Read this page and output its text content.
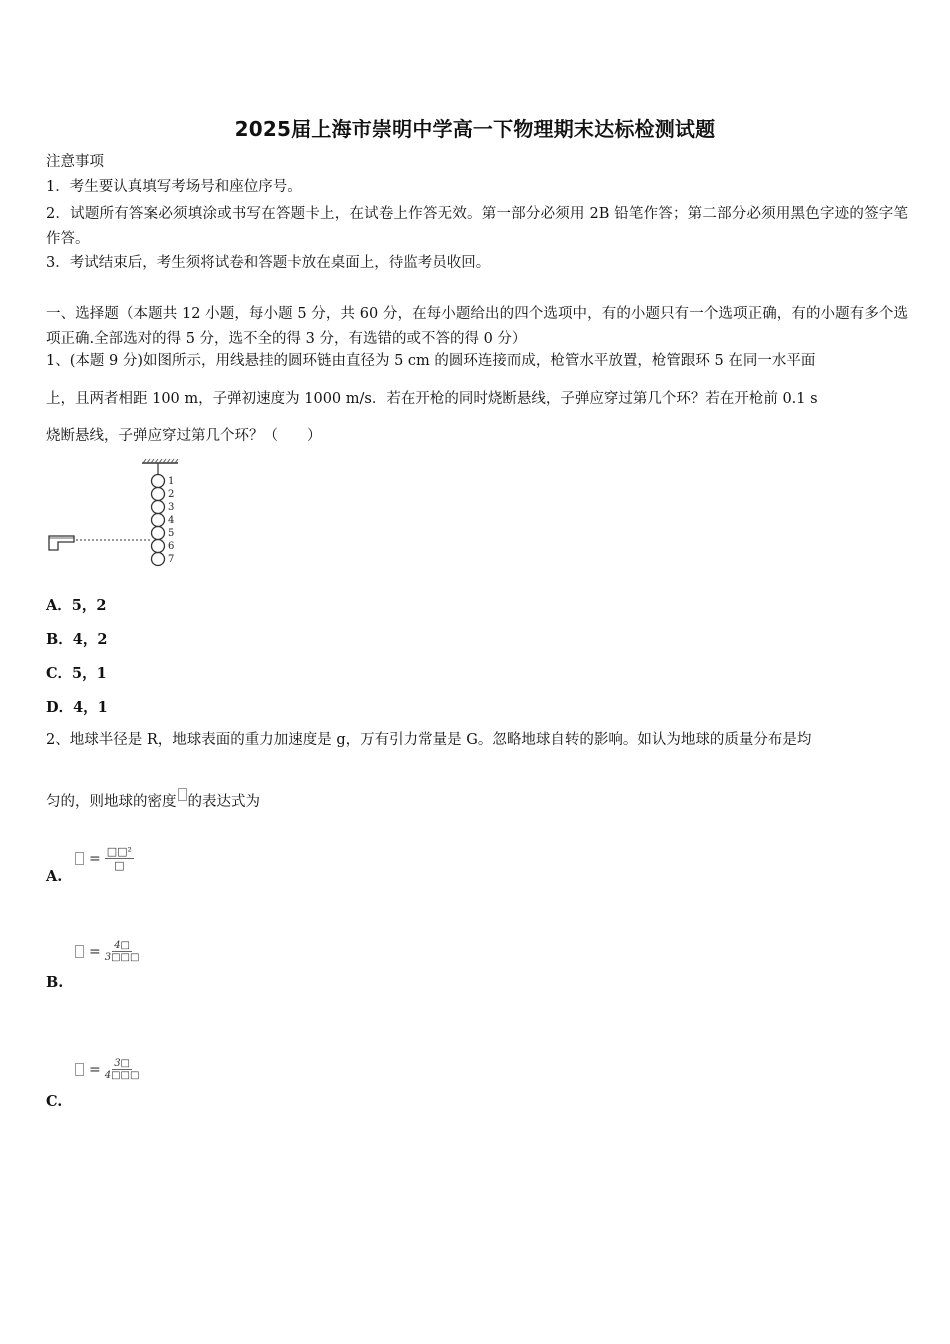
2025届上海市崇明中学高一下物理期末达标检测试题
注意事项
1．考生要认真填写考场号和座位序号。
2．试题所有答案必须填涂或书写在答题卡上，在试卷上作答无效。第一部分必须用 2B 铅笔作答；第二部分必须用黑色字迹的签字笔作答。
3．考试结束后，考生须将试卷和答题卡放在桌面上，待监考员收回。
一、选择题（本题共 12 小题，每小题 5 分，共 60 分，在每小题给出的四个选项中，有的小题只有一个选项正确，有的小题有多个选项正确.全部选对的得 5 分，选不全的得 3 分，有选错的或不答的得 0 分）
1、(本题 9 分)如图所示，用线悬挂的圆环链由直径为 5 cm 的圆环连接而成，枪管水平放置，枪管跟环 5 在同一水平面
上，且两者相距 100 m，子弹初速度为 1000 m/s．若在开枪的同时烧断悬线，子弹应穿过第几个环？若在开枪前 0.1 s
烧断悬线，子弹应穿过第几个环？（　　）
1
2
3
4
5
6
7
A．5，2
B．4，2
C．5，1
D．4，1
2、地球半径是 R，地球表面的重力加速度是 g，万有引力常量是 G。忽略地球自转的影响。如认为地球的质量分布是均
匀的，则地球的密度 的表达式为
A.
= □□²
□
= $\frac{4□}{3□□□}$
B.
= $\frac{3□}{4□□□}$
C.
